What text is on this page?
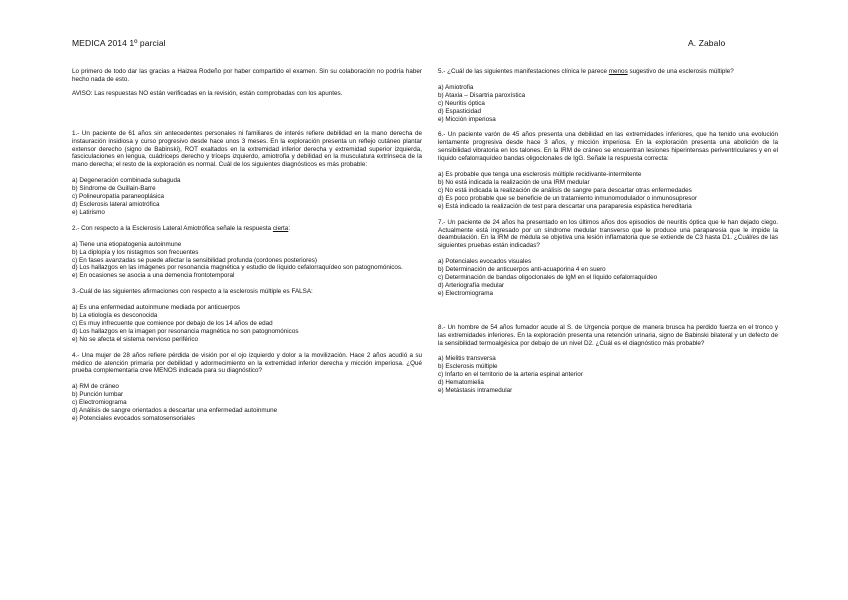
MEDICA 2014 1º parcial	A. Zabalo

Lo primero de todo dar las gracias a Haizea Rodeño por haber compartido el examen. Sin su colaboración no podría haber hecho nada de esto.

AVISO: Las respuestas NO están verificadas en la revisión, están comprobadas con los apuntes.

1.- Un paciente de 61 años sin antecedentes personales ni familiares de interés refiere debilidad en la mano derecha de instauración insidiosa y curso progresivo desde hace unos 3 meses. En la exploración presenta un reflejo cutáneo plantar extensor derecho (signo de Babinski), ROT exaltados en la extremidad inferior derecha y extremidad superior izquierda, fasciculaciones en lengua, cuádriceps derecho y tríceps izquierdo, amiotrofia y debilidad en la musculatura extrínseca de la mano derecha; el resto de la exploración es normal. Cuál de los siguientes diagnósticos es más probable:

a) Degeneración combinada subaguda
b) Síndrome de Guillain-Barre
c) Polineuropatía paraneoplásica
d) Esclerosis lateral amiotrófica
e) Latirismo

2.- Con respecto a la Esclerosis Lateral Amiotrófica señale la respuesta cierta:

a) Tiene una etiopatogenia autoinmune
b) La diplopía y los nistagmos son frecuentes
c) En fases avanzadas se puede afectar la sensibilidad profunda (cordones posteriores)
d) Los hallazgos en las imágenes por resonancia magnética y estudio de líquido cefalorraquídeo son patognomónicos.
e) En ocasiones se asocia a una demencia frontotemporal

3.-Cuál de las siguientes afirmaciones con respecto a la esclerosis múltiple es FALSA:

a) Es una enfermedad autoinmune mediada por anticuerpos
b) La etiología es desconocida
c) Es muy infrecuente que comience por debajo de los 14 años de edad
d) Los hallazgos en la imagen por resonancia magnética no son patognomónicos
e) No se afecta el sistema nervioso periférico

4.- Una mujer de 28 años refiere pérdida de visión por el ojo izquierdo y dolor a la movilización. Hace 2 años acudió a su médico de atención primaria por debilidad y adormecimiento en la extremidad inferior derecha y micción imperiosa. ¿Qué prueba complementaria cree MENOS indicada para su diagnóstico?

a) RM de cráneo
b) Punción lumbar
c) Electromiograma
d) Análisis de sangre orientados a descartar una enfermedad autoinmune
e) Potenciales evocados somatosensoriales

5.- ¿Cuál de las siguientes manifestaciones clínica le parece menos sugestivo de una esclerosis múltiple?

a) Amiotrofia
b) Ataxia – Disartria paroxística
c) Neuritis óptica
d) Espasticidad
e) Micción imperiosa

6.- Un paciente varón de 45 años presenta una debilidad en las extremidades inferiores, que ha tenido una evolución lentamente progresiva desde hace 3 años, y micción imperiosa. En la exploración presenta una abolición de la sensibilidad vibratoria en los talones. En la IRM de cráneo se encuentran lesiones hiperintensas periventriculares y en el líquido cefalorraquídeo bandas oligoclonales de IgG. Señale la respuesta correcta:

a) Es probable que tenga una esclerosis múltiple recidivante-intermitente
b) No está indicada la realización de una IRM medular
c) No está indicada la realización de análisis de sangre para descartar otras enfermedades
d) Es poco probable que se beneficie de un tratamiento inmunomodulador o inmunosupresor
e) Está indicado la realización de test para descartar una paraparesia espástica hereditaria

7.- Un paciente de 24 años ha presentado en los últimos años dos episodios de neuritis óptica que le han dejado ciego. Actualmente está ingresado por un síndrome medular transverso que le produce una paraparesia que le impide la deambulación. En la IRM de médula se objetiva una lesión inflamatoria que se extiende de C3 hasta D1. ¿Cuál/es de las siguientes pruebas están indicadas?

a) Potenciales evocados visuales
b) Determinación de anticuerpos anti-acuaporina 4 en suero
c) Determinación de bandas oligoclonales de IgM en el líquido cefalorraquídeo
d) Arteriografía medular
e) Electromiograma

8.- Un hombre de 54 años fumador acude al S. de Urgencia porque de manera brusca ha perdido fuerza en el tronco y las extremidades inferiores. En la exploración presenta una retención urinaria, signo de Babinski bilateral y un defecto de la sensibilidad termoalgésica por debajo de un nivel D2. ¿Cuál es el diagnóstico más probable?

a) Mielitis transversa
b) Esclerosis múltiple
c) Infarto en el territorio de la arteria espinal anterior
d) Hematomielia
e) Metástasis intramedular
